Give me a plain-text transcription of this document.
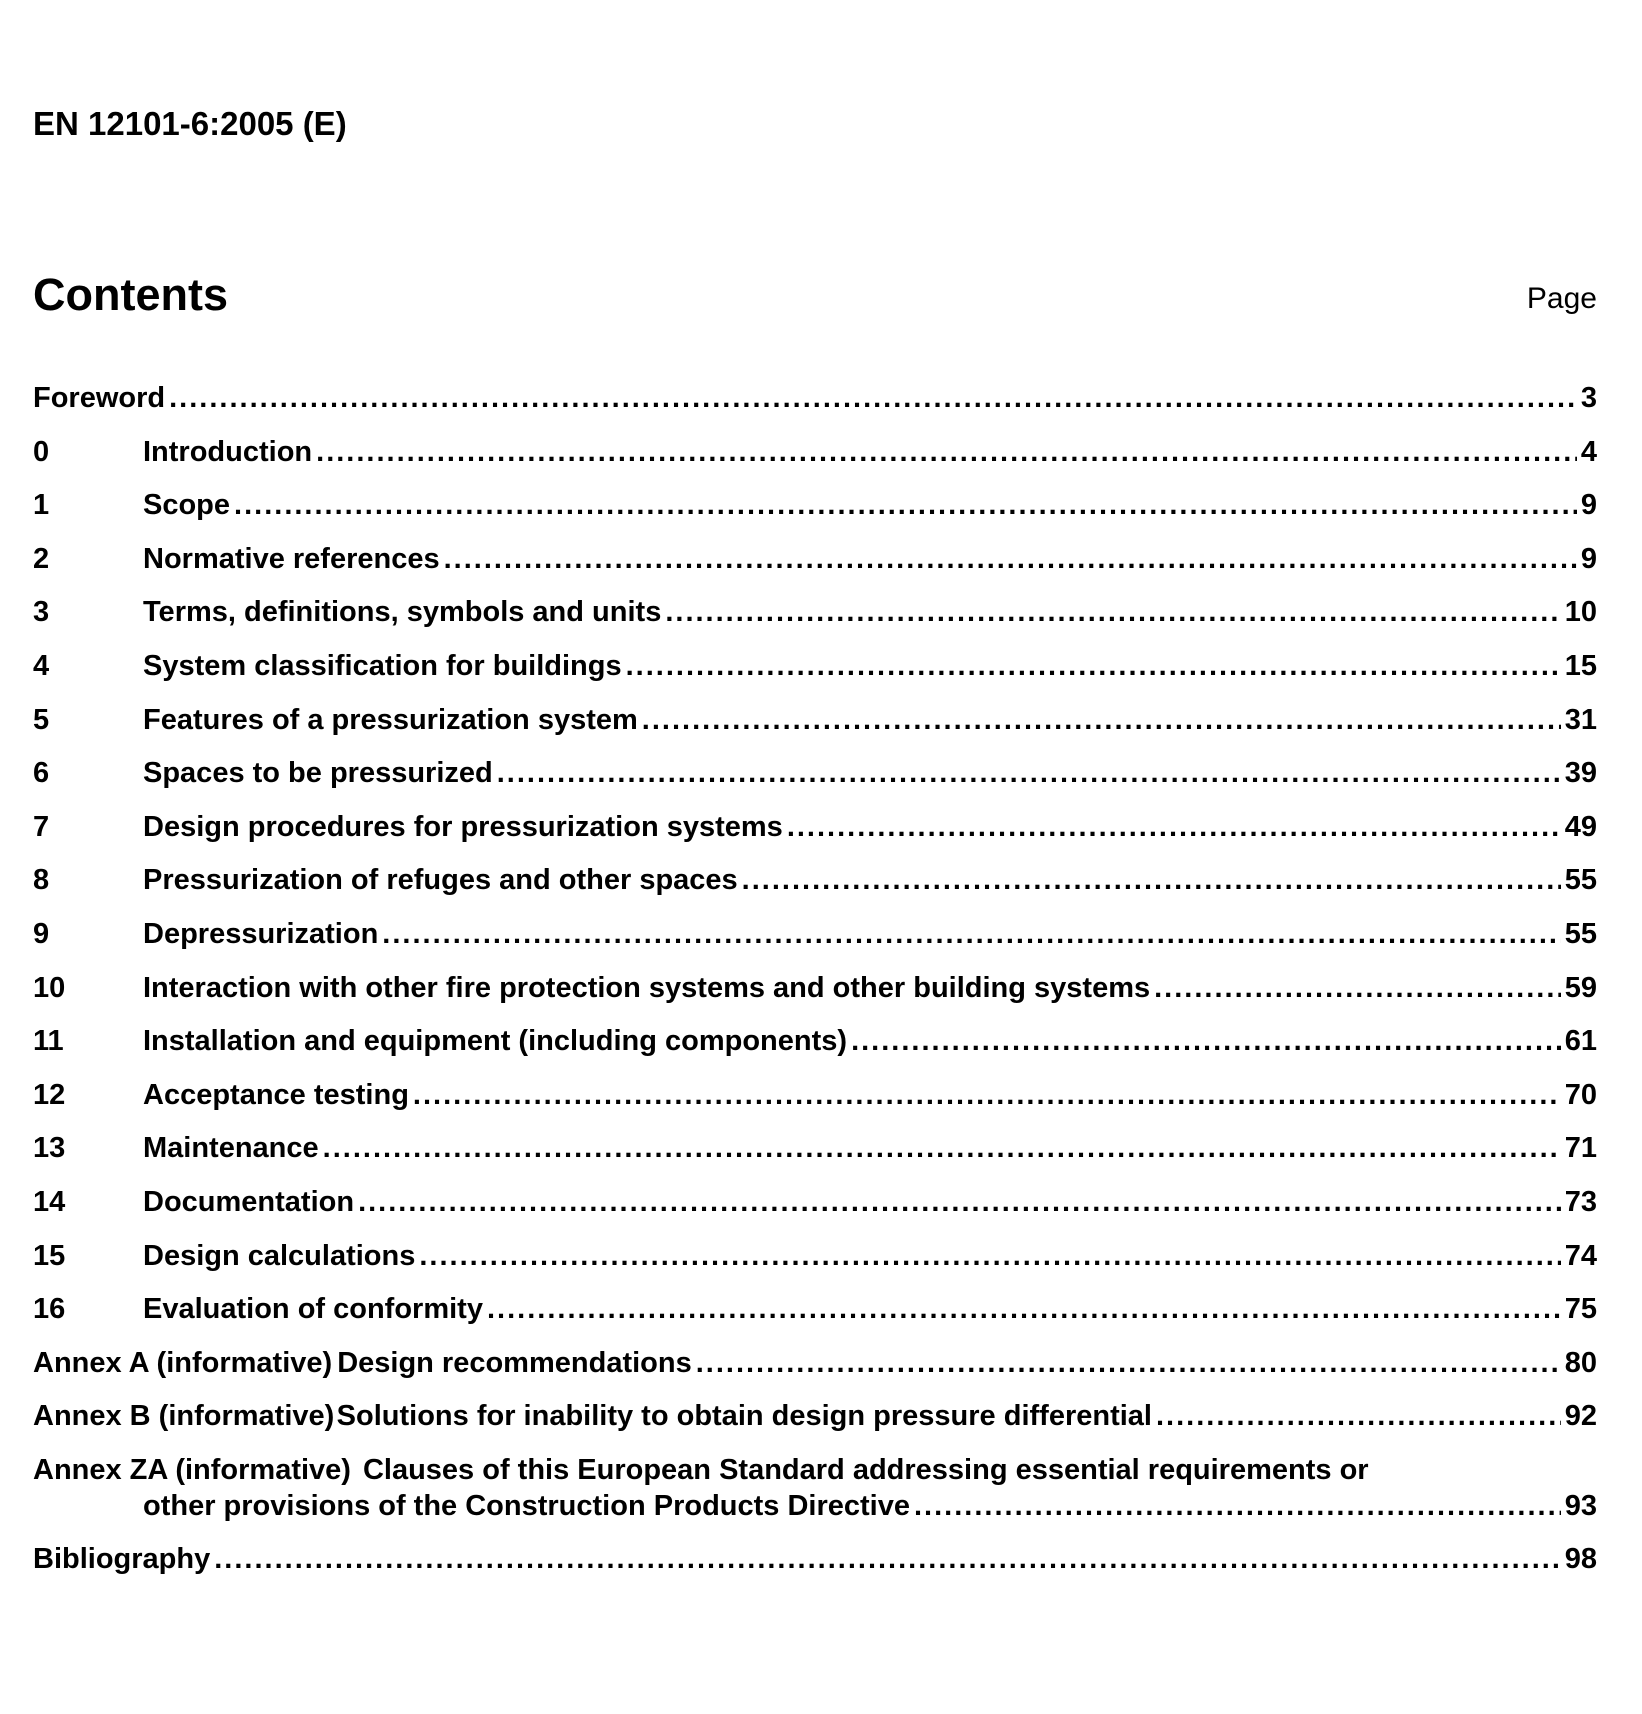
EN 12101-6:2005 (E)
Contents	Page
Foreword .....	3
0	Introduction .....	4
1	Scope .....	9
2	Normative references .....	9
3	Terms, definitions, symbols and units .....	10
4	System classification for buildings .....	15
5	Features of a pressurization system .....	31
6	Spaces to be pressurized .....	39
7	Design procedures for pressurization systems .....	49
8	Pressurization of refuges and other spaces .....	55
9	Depressurization .....	55
10	Interaction with other fire protection systems and other building systems .....	59
11	Installation and equipment (including components) .....	61
12	Acceptance testing .....	70
13	Maintenance .....	71
14	Documentation .....	73
15	Design calculations .....	74
16	Evaluation of conformity .....	75
Annex A (informative) Design recommendations .....	80
Annex B (informative) Solutions for inability to obtain design pressure differential .....	92
Annex ZA (informative) Clauses of this European Standard addressing essential requirements or
other provisions of the Construction Products Directive .....	93
Bibliography .....	98
